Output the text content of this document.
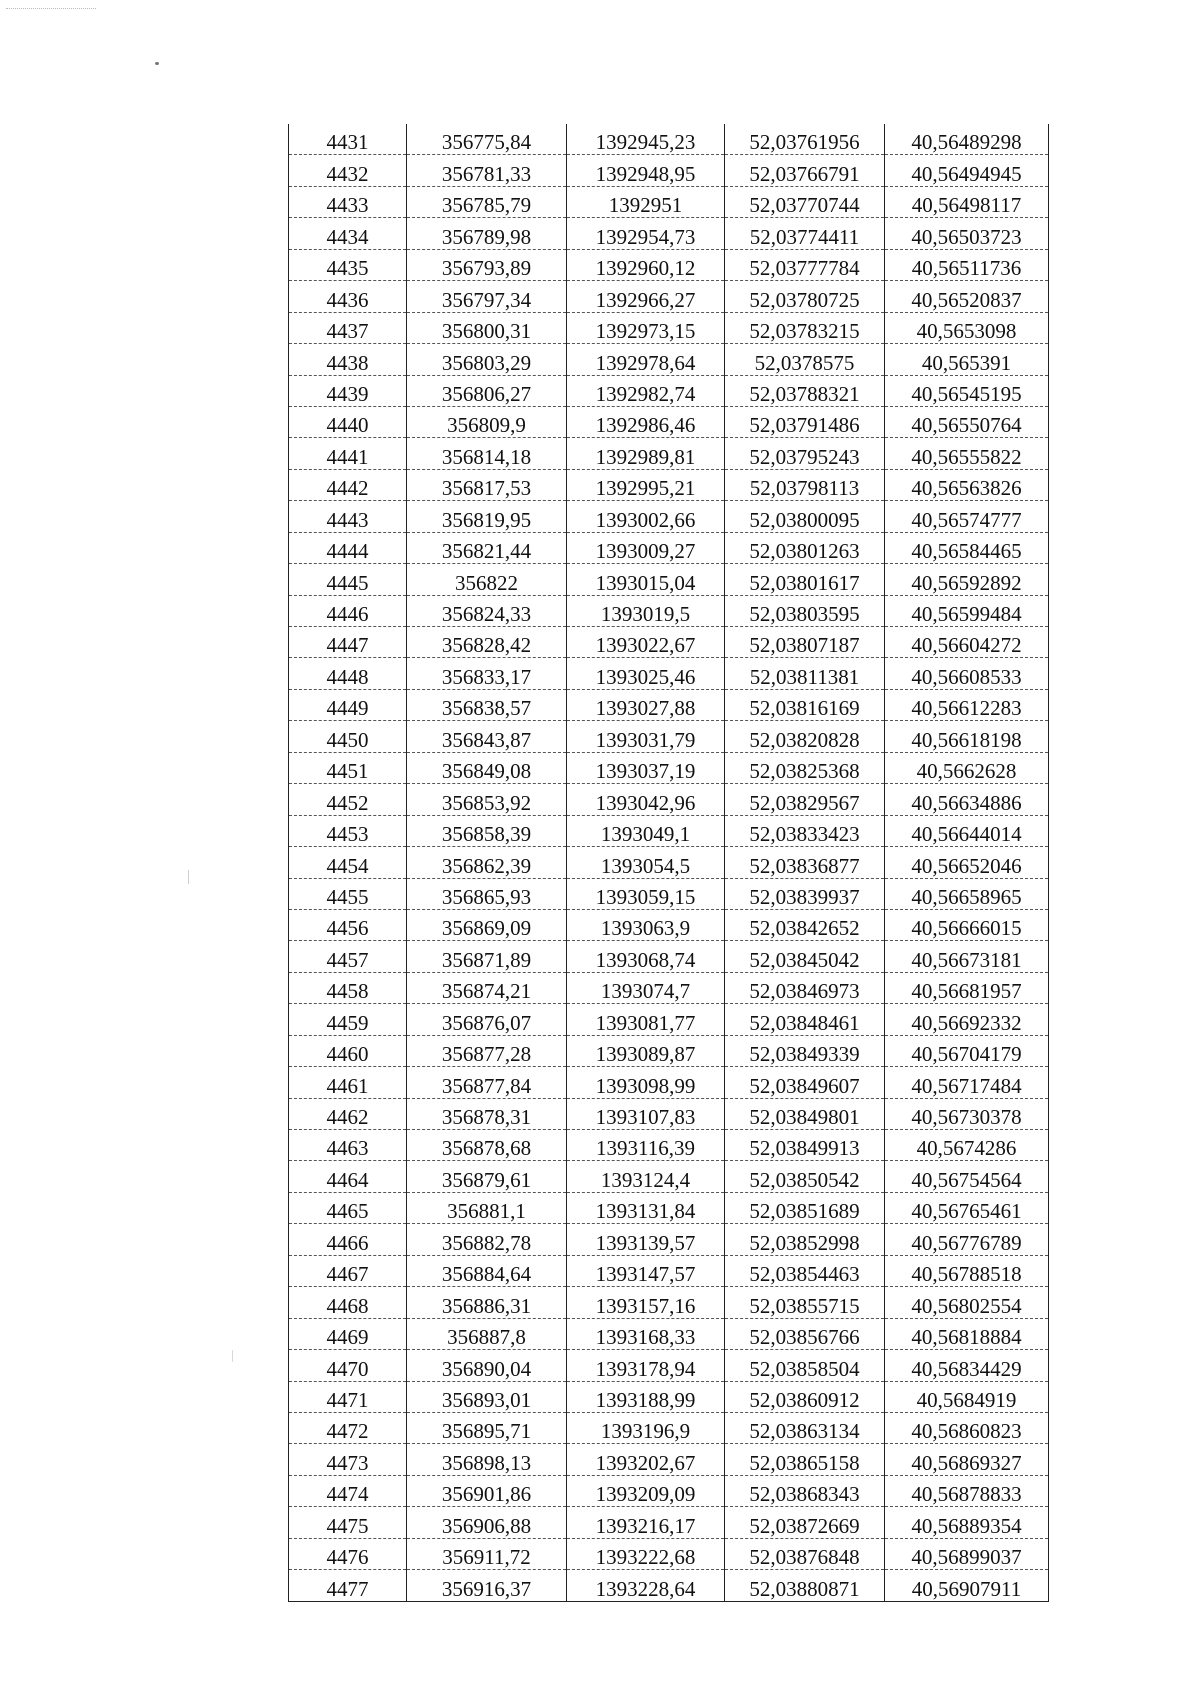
4431	356775,84	1392945,23	52,03761956	40,56489298
4432	356781,33	1392948,95	52,03766791	40,56494945
4433	356785,79	1392951	52,03770744	40,56498117
4434	356789,98	1392954,73	52,03774411	40,56503723
4435	356793,89	1392960,12	52,03777784	40,56511736
4436	356797,34	1392966,27	52,03780725	40,56520837
4437	356800,31	1392973,15	52,03783215	40,5653098
4438	356803,29	1392978,64	52,0378575	40,565391
4439	356806,27	1392982,74	52,03788321	40,56545195
4440	356809,9	1392986,46	52,03791486	40,56550764
4441	356814,18	1392989,81	52,03795243	40,56555822
4442	356817,53	1392995,21	52,03798113	40,56563826
4443	356819,95	1393002,66	52,03800095	40,56574777
4444	356821,44	1393009,27	52,03801263	40,56584465
4445	356822	1393015,04	52,03801617	40,56592892
4446	356824,33	1393019,5	52,03803595	40,56599484
4447	356828,42	1393022,67	52,03807187	40,56604272
4448	356833,17	1393025,46	52,03811381	40,56608533
4449	356838,57	1393027,88	52,03816169	40,56612283
4450	356843,87	1393031,79	52,03820828	40,56618198
4451	356849,08	1393037,19	52,03825368	40,5662628
4452	356853,92	1393042,96	52,03829567	40,56634886
4453	356858,39	1393049,1	52,03833423	40,56644014
4454	356862,39	1393054,5	52,03836877	40,56652046
4455	356865,93	1393059,15	52,03839937	40,56658965
4456	356869,09	1393063,9	52,03842652	40,56666015
4457	356871,89	1393068,74	52,03845042	40,56673181
4458	356874,21	1393074,7	52,03846973	40,56681957
4459	356876,07	1393081,77	52,03848461	40,56692332
4460	356877,28	1393089,87	52,03849339	40,56704179
4461	356877,84	1393098,99	52,03849607	40,56717484
4462	356878,31	1393107,83	52,03849801	40,56730378
4463	356878,68	1393116,39	52,03849913	40,5674286
4464	356879,61	1393124,4	52,03850542	40,56754564
4465	356881,1	1393131,84	52,03851689	40,56765461
4466	356882,78	1393139,57	52,03852998	40,56776789
4467	356884,64	1393147,57	52,03854463	40,56788518
4468	356886,31	1393157,16	52,03855715	40,56802554
4469	356887,8	1393168,33	52,03856766	40,56818884
4470	356890,04	1393178,94	52,03858504	40,56834429
4471	356893,01	1393188,99	52,03860912	40,5684919
4472	356895,71	1393196,9	52,03863134	40,56860823
4473	356898,13	1393202,67	52,03865158	40,56869327
4474	356901,86	1393209,09	52,03868343	40,56878833
4475	356906,88	1393216,17	52,03872669	40,56889354
4476	356911,72	1393222,68	52,03876848	40,56899037
4477	356916,37	1393228,64	52,03880871	40,56907911
